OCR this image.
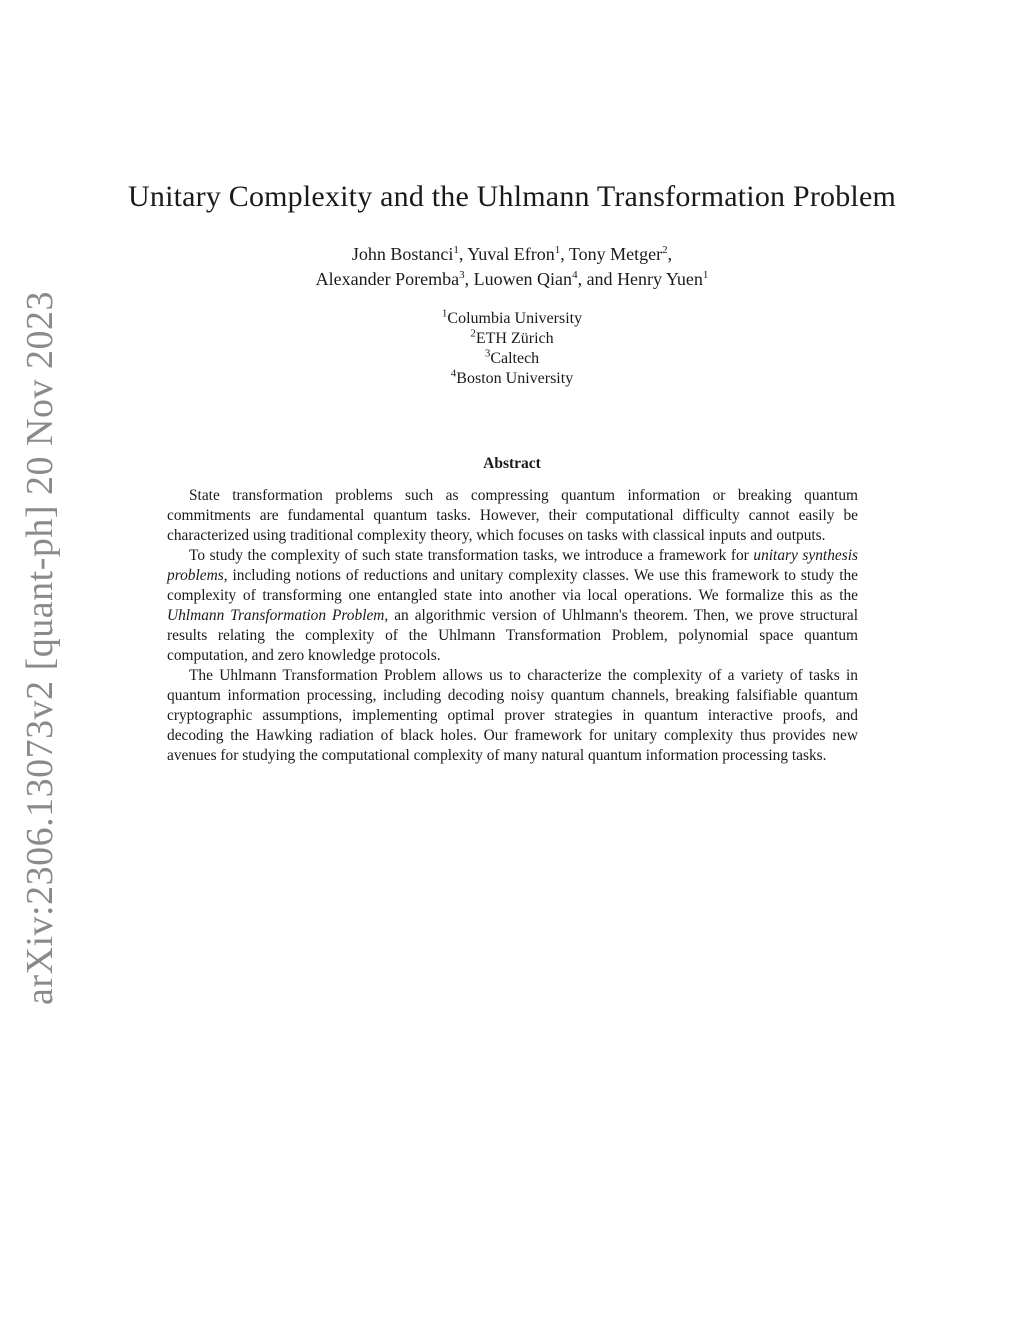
arXiv:2306.13073v2 [quant-ph] 20 Nov 2023
Unitary Complexity and the Uhlmann Transformation Problem
John Bostanci$^1$, Yuval Efron$^1$, Tony Metger$^2$,
Alexander Poremba$^3$, Luowen Qian$^4$, and Henry Yuen$^1$
$^1$Columbia University
$^2$ETH Zürich
$^3$Caltech
$^4$Boston University
Abstract

State transformation problems such as compressing quantum information or breaking quantum commitments are fundamental quantum tasks. However, their computational difficulty cannot easily be characterized using traditional complexity theory, which focuses on tasks with classical inputs and outputs.

To study the complexity of such state transformation tasks, we introduce a framework for unitary synthesis problems, including notions of reductions and unitary complexity classes. We use this framework to study the complexity of transforming one entangled state into another via local operations. We formalize this as the Uhlmann Transformation Problem, an algorithmic version of Uhlmann's theorem. Then, we prove structural results relating the complexity of the Uhlmann Transformation Problem, polynomial space quantum computation, and zero knowledge protocols.

The Uhlmann Transformation Problem allows us to characterize the complexity of a variety of tasks in quantum information processing, including decoding noisy quantum channels, breaking falsifiable quantum cryptographic assumptions, implementing optimal prover strategies in quantum interactive proofs, and decoding the Hawking radiation of black holes. Our framework for unitary complexity thus provides new avenues for studying the computational complexity of many natural quantum information processing tasks.
